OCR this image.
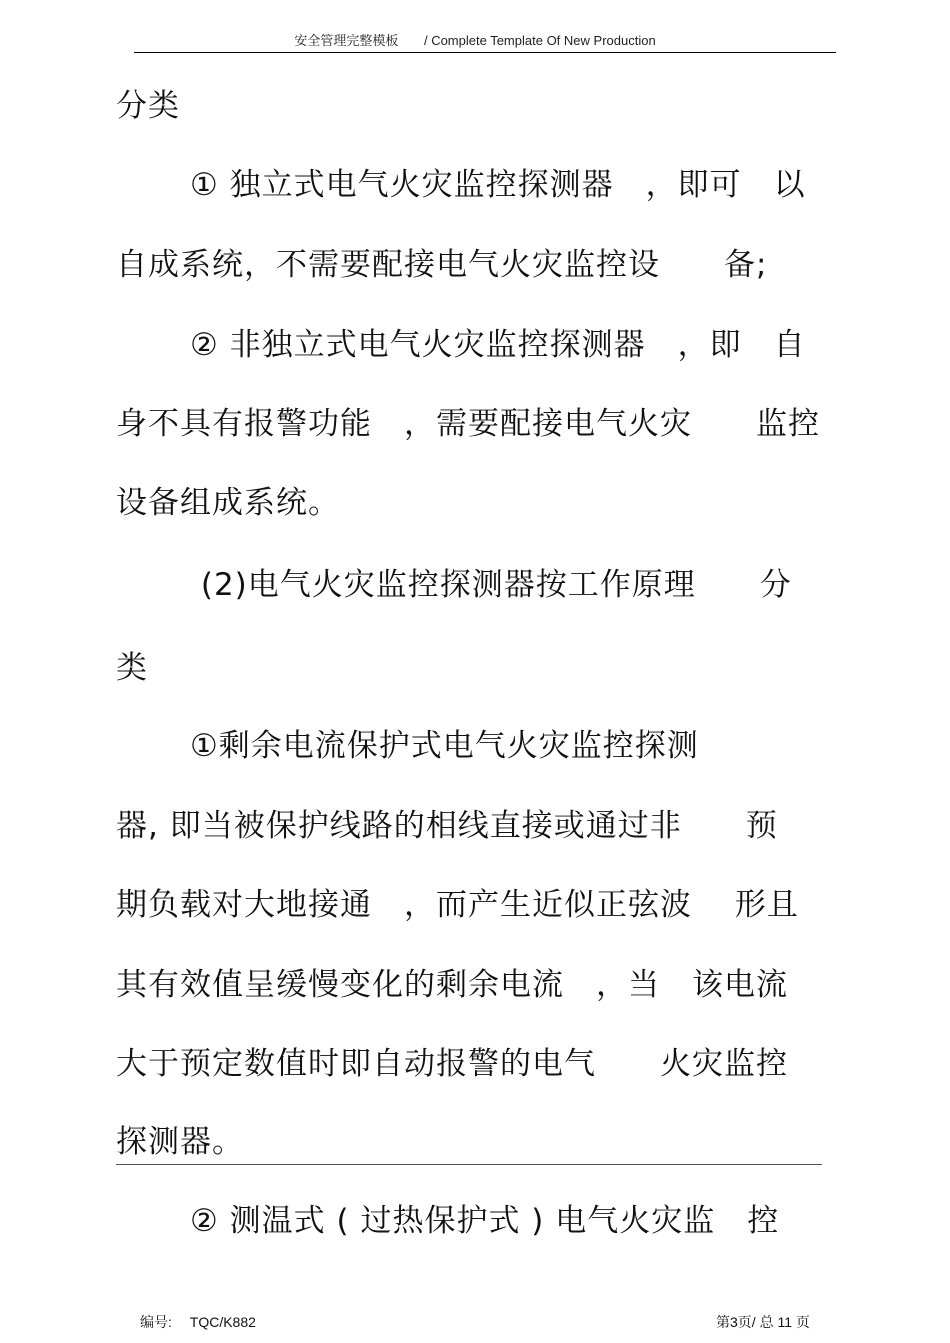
安全管理完整模板 / Complete Template Of New Production
分类
① 独立式电气火灾监控探测器　，即可　以
自成系统，不需要配接电气火灾监控设　　备;
② 非独立式电气火灾监控探测器　，即　自
身不具有报警功能　，需要配接电气火灾　　监控
设备组成系统。
(2)电气火灾监控探测器按工作原理　　分
类
①剩余电流保护式电气火灾监控探测
器, 即当被保护线路的相线直接或通过非　　预
期负载对大地接通　，而产生近似正弦波　 形且
其有效值呈缓慢变化的剩余电流　，当　该电流
大于预定数值时即自动报警的电气　　火灾监控
探测器。
② 测温式 ( 过热保护式 ) 电气火灾监　控
编号: TQC/K882	第3页/ 总 11 页
